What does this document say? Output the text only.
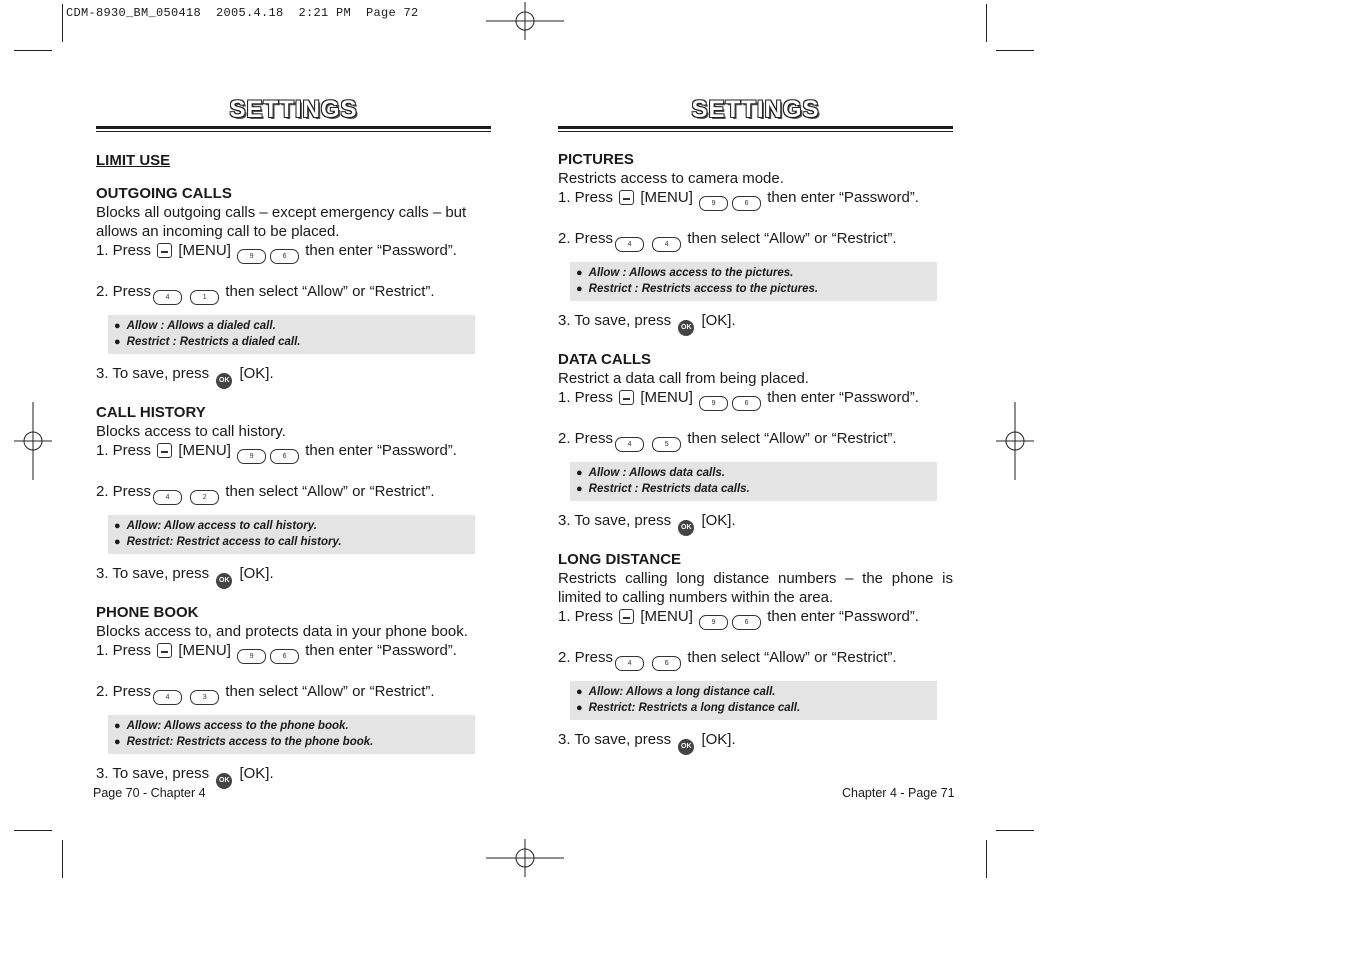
CDM-8930_BM_050418  2005.4.18  2:21 PM  Page 72
SETTINGS
LIMIT USE
OUTGOING CALLS
Blocks all outgoing calls – except emergency calls – but allows an incoming call to be placed.
1. Press [MENU]	9	6 then enter “Password”.
2. Press 4	1 then select “Allow” or “Restrict”.
● Allow : Allows a dialed call.
● Restrict : Restricts a dialed call.
3. To save, press OK [OK].
CALL HISTORY
Blocks access to call history.
1. Press [MENU]	9	6 then enter “Password”.
2. Press 4	2 then select “Allow” or “Restrict”.
● Allow: Allow access to call history.
● Restrict: Restrict access to call history.
3. To save, press OK [OK].
PHONE BOOK
Blocks access to, and protects data in your phone book.
1. Press [MENU]	9	6 then enter “Password”.
2. Press 4	3 then select “Allow” or “Restrict”.
● Allow: Allows access to the phone book.
● Restrict: Restricts access to the phone book.
3. To save, press OK [OK].
SETTINGS
PICTURES
Restricts access to camera mode.
1. Press [MENU]	9	6 then enter “Password”.
2. Press 4	4 then select “Allow” or “Restrict”.
● Allow : Allows access to the pictures.
● Restrict : Restricts access to the pictures.
3. To save, press OK [OK].
DATA CALLS
Restrict a data call from being placed.
1. Press [MENU]	9	6 then enter “Password”.
2. Press 4	5 then select “Allow” or “Restrict”.
● Allow : Allows data calls.
● Restrict : Restricts data calls.
3. To save, press OK [OK].
LONG DISTANCE
Restricts calling long distance numbers – the phone is limited to calling numbers within the area.
1. Press [MENU]	9	6 then enter “Password”.
2. Press 4	6 then select “Allow” or “Restrict”.
● Allow: Allows a long distance call.
● Restrict: Restricts a long distance call.
3. To save, press OK [OK].
Page 70 - Chapter 4	Chapter 4 - Page 71
